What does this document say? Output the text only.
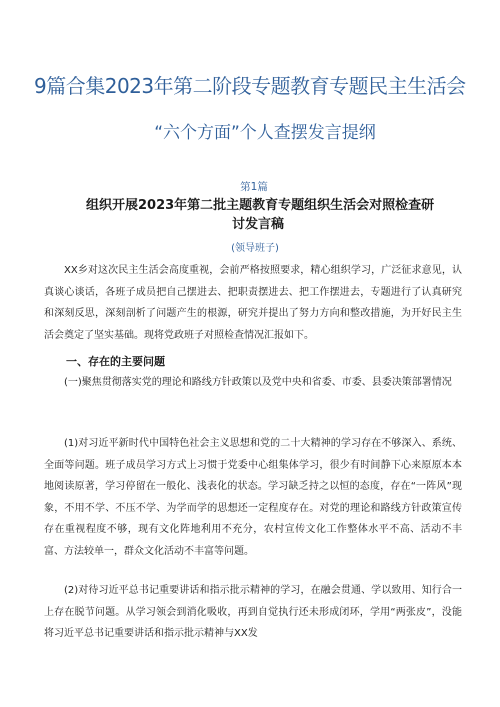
9篇合集2023年第二阶段专题教育专题民主生活会
“六个方面”个人查摆发言提纲
第1篇
组织开展2023年第二批主题教育专题组织生活会对照检查研
讨发言稿
(领导班子)
XX乡对这次民主生活会高度重视，会前严格按照要求，精心组织学习，广泛征求意见，认真谈心谈话，各班子成员把自己摆进去、把职责摆进去、把工作摆进去，专题进行了认真研究和深刻反思，深刻剖析了问题产生的根源，研究并提出了努力方向和整改措施，为开好民主生活会奠定了坚实基础。现将党政班子对照检查情况汇报如下。
一、存在的主要问题
(一)聚焦贯彻落实党的理论和路线方针政策以及党中央和省委、市委、县委决策部署情况
(1)对习近平新时代中国特色社会主义思想和党的二十大精神的学习存在不够深入、系统、全面等问题。班子成员学习方式上习惯于党委中心组集体学习，很少有时间静下心来原原本本地阅读原著，学习停留在一般化、浅表化的状态。学习缺乏持之以恒的态度，存在“一阵风”现象，不用不学、不压不学、为学而学的思想还一定程度存在。对党的理论和路线方针政策宣传存在重视程度不够，现有文化阵地利用不充分，农村宣传文化工作整体水平不高、活动不丰富、方法较单一，群众文化活动不丰富等问题。
(2)对待习近平总书记重要讲话和指示批示精神的学习，在融会贯通、学以致用、知行合一上存在脱节问题。从学习领会到消化吸收，再到自觉执行还未形成闭环，学用“两张皮”，没能将习近平总书记重要讲话和指示批示精神与XX发
